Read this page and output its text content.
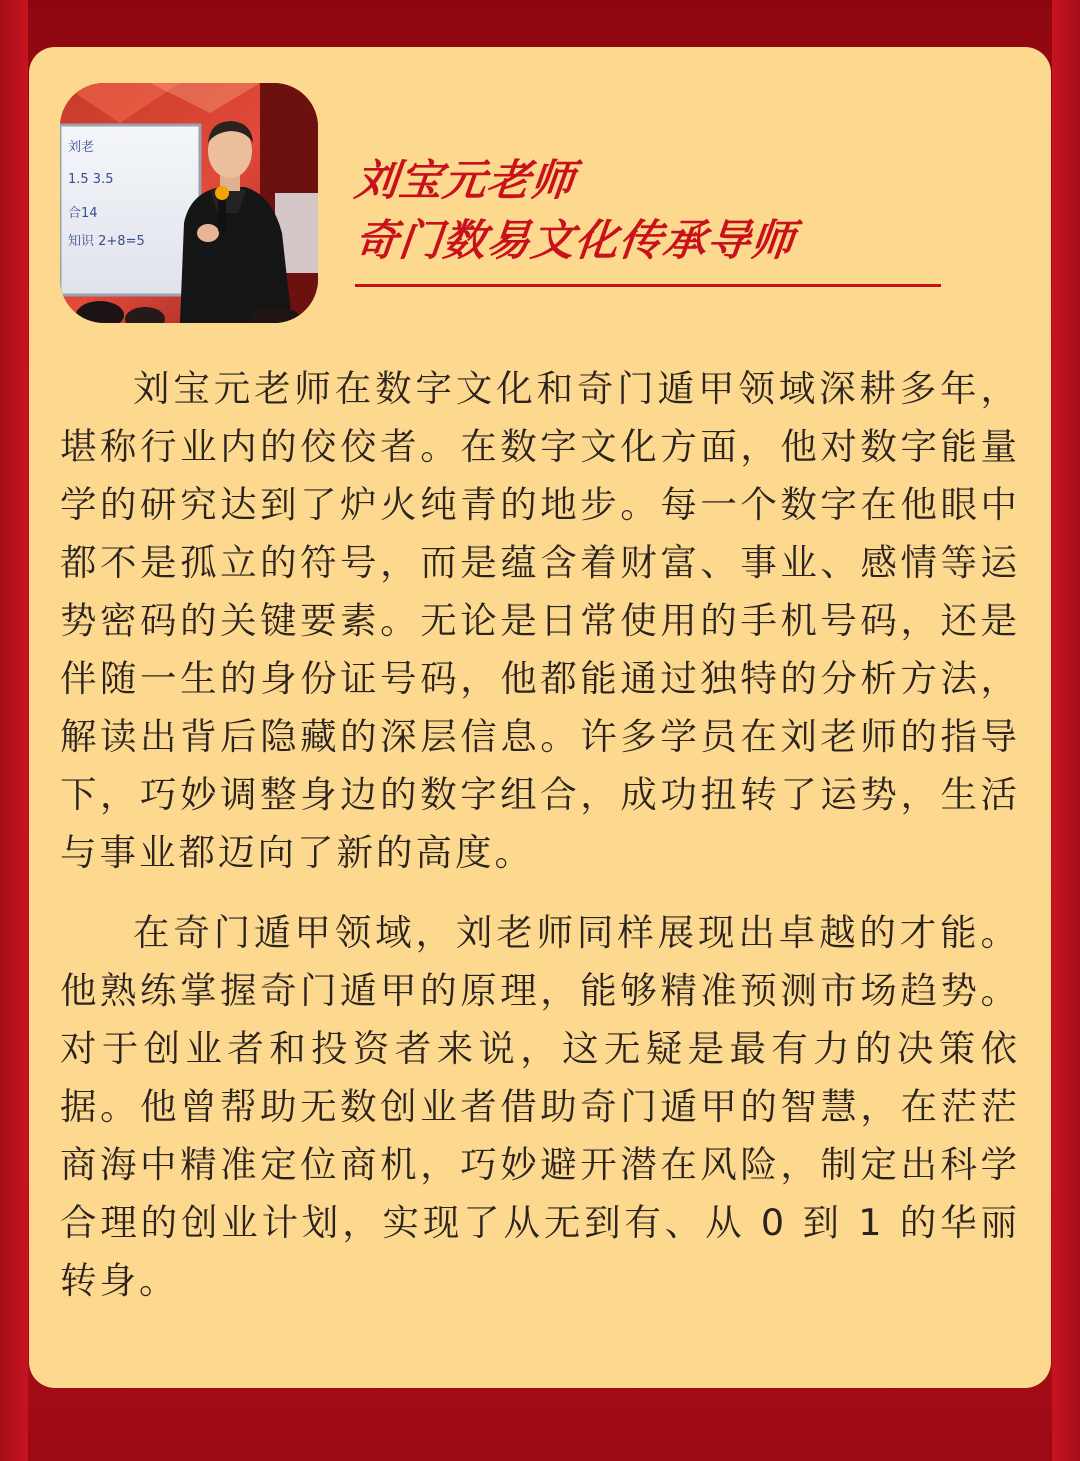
刘老
1.5 3.5
合14
知识 2+8=5
刘宝元老师
奇门数易文化传承导师

刘宝元老师在数字文化和奇门遁甲领域深耕多年，堪称行业内的佼佼者。在数字文化方面，他对数字能量学的研究达到了炉火纯青的地步。每一个数字在他眼中都不是孤立的符号，而是蕴含着财富、事业、感情等运势密码的关键要素。无论是日常使用的手机号码，还是伴随一生的身份证号码，他都能通过独特的分析方法，解读出背后隐藏的深层信息。许多学员在刘老师的指导下，巧妙调整身边的数字组合，成功扭转了运势，生活与事业都迈向了新的高度。

在奇门遁甲领域，刘老师同样展现出卓越的才能。他熟练掌握奇门遁甲的原理，能够精准预测市场趋势。对于创业者和投资者来说，这无疑是最有力的决策依据。他曾帮助无数创业者借助奇门遁甲的智慧，在茫茫商海中精准定位商机，巧妙避开潜在风险，制定出科学合理的创业计划，实现了从无到有、从 0 到 1 的华丽转身。
